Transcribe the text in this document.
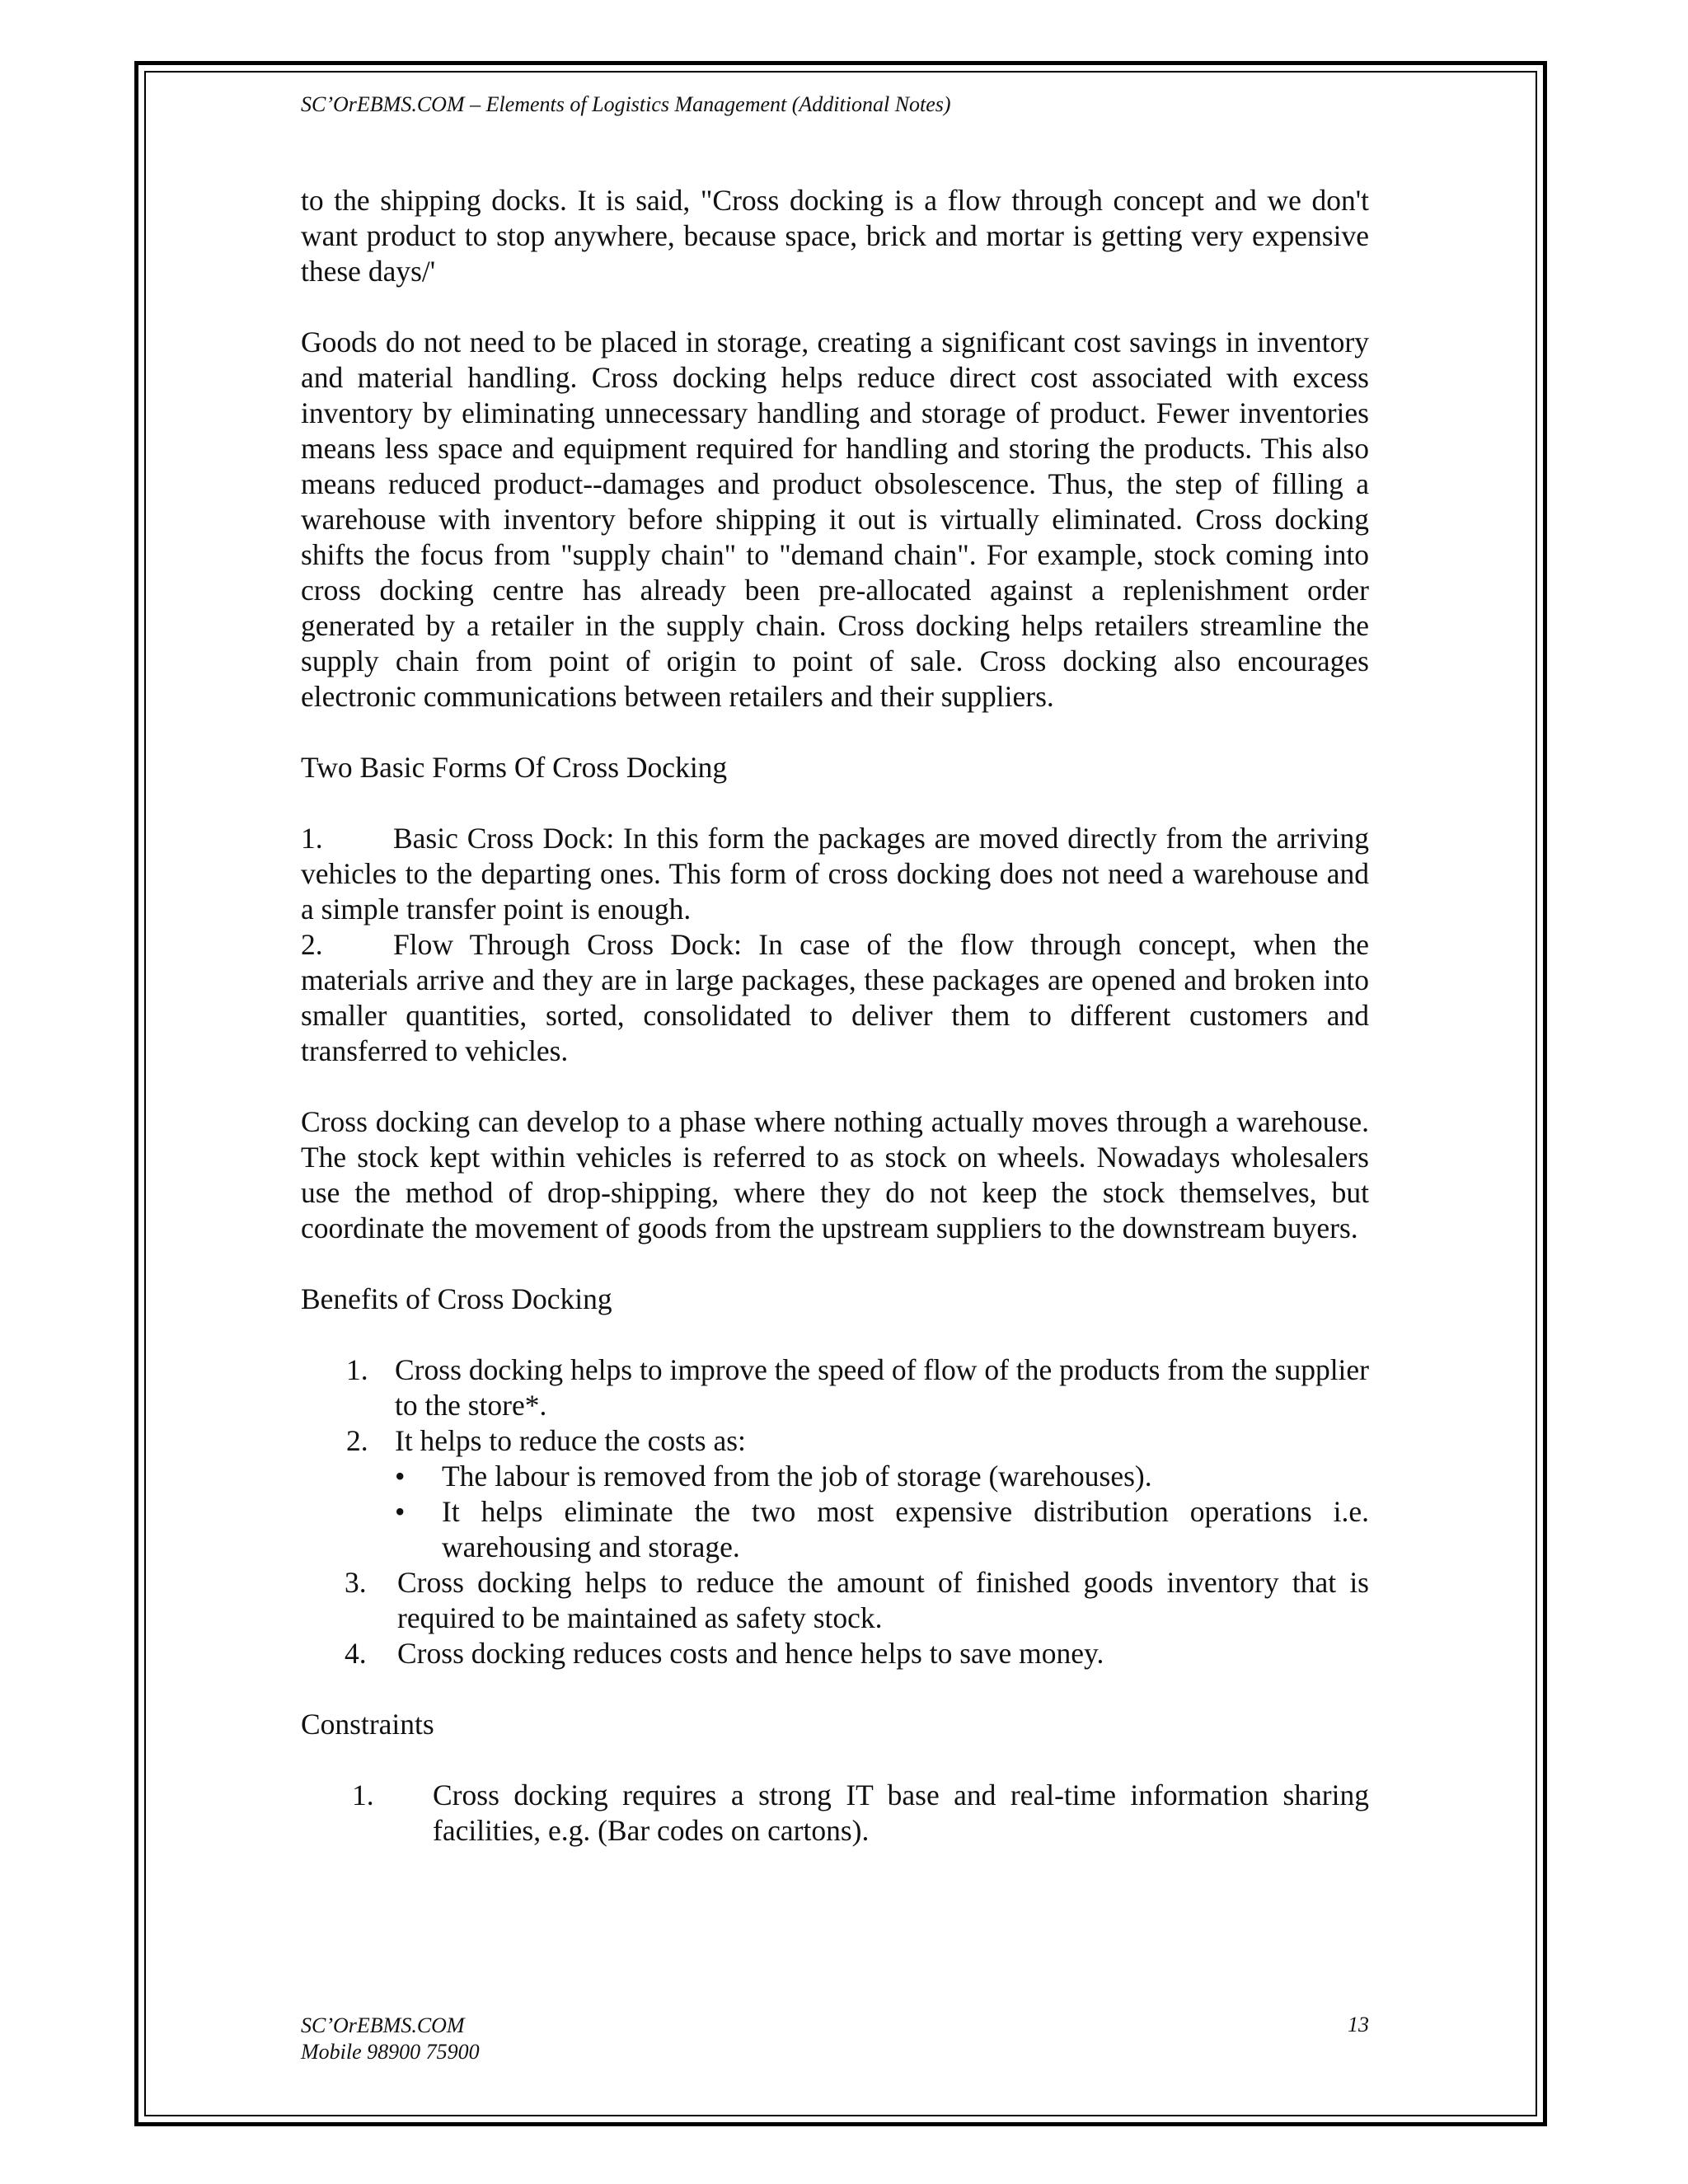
SC’OrEBMS.COM – Elements of Logistics Management (Additional Notes)

to the shipping docks. It is said, "Cross docking is a flow through concept and we don't want product to stop anywhere, because space, brick and mortar is getting very expensive these days/'

Goods do not need to be placed in storage, creating a significant cost savings in inventory and material handling. Cross docking helps reduce direct cost associated with excess inventory by eliminating unnecessary handling and storage of product. Fewer inventories means less space and equipment required for handling and storing the products. This also means reduced product--damages and product obsolescence. Thus, the step of filling a warehouse with inventory before shipping it out is virtually eliminated. Cross docking shifts the focus from "supply chain" to "demand chain". For example, stock coming into cross docking centre has already been pre-allocated against a replenishment order generated by a retailer in the supply chain. Cross docking helps retailers streamline the supply chain from point of origin to point of sale. Cross docking also encourages electronic communications between retailers and their suppliers.

Two Basic Forms Of Cross Docking

1. Basic Cross Dock: In this form the packages are moved directly from the arriving vehicles to the departing ones. This form of cross docking does not need a warehouse and a simple transfer point is enough.

2. Flow Through Cross Dock: In case of the flow through concept, when the materials arrive and they are in large packages, these packages are opened and broken into smaller quantities, sorted, consolidated to deliver them to different customers and transferred to vehicles.

Cross docking can develop to a phase where nothing actually moves through a warehouse. The stock kept within vehicles is referred to as stock on wheels. Nowadays wholesalers use the method of drop-shipping, where they do not keep the stock themselves, but coordinate the movement of goods from the upstream suppliers to the downstream buyers.

Benefits of Cross Docking

1. Cross docking helps to improve the speed of flow of the products from the supplier to the store*.
2. It helps to reduce the costs as:
• The labour is removed from the job of storage (warehouses).
• It helps eliminate the two most expensive distribution operations i.e. warehousing and storage.
3. Cross docking helps to reduce the amount of finished goods inventory that is required to be maintained as safety stock.
4. Cross docking reduces costs and hence helps to save money.

Constraints

1. Cross docking requires a strong IT base and real-time information sharing facilities, e.g. (Bar codes on cartons).
SC’OrEBMS.COM
Mobile 98900 75900
13
